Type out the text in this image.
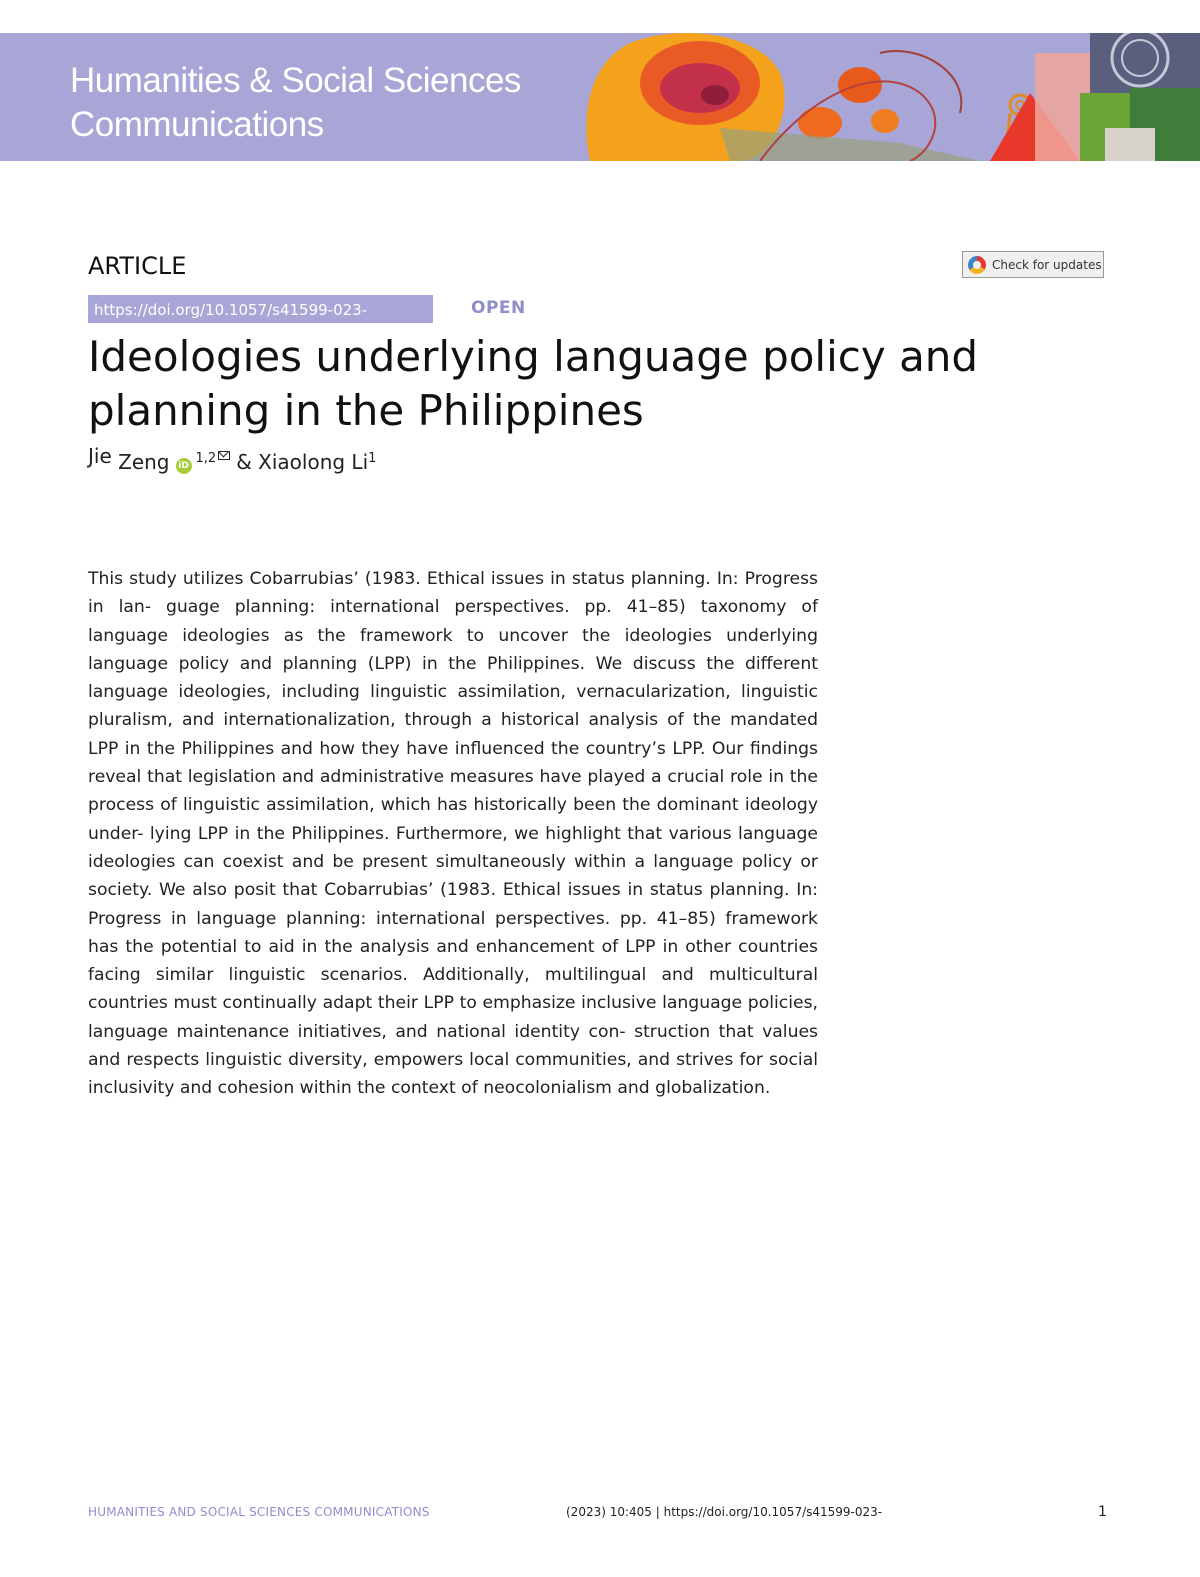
Humanities & Social Sciences
Communications
ARTICLE	Check for updates
https://doi.org/10.1057/s41599-023-	OPEN
Ideologies underlying language policy and
planning in the Philippines
Jie Zeng iD $^{1,2}$ & Xiaolong Li$^1$

This study utilizes Cobarrubias’ (1983. Ethical issues in status planning. In: Progress in lan- guage planning: international perspectives. pp. 41–85) taxonomy of language ideologies as the framework to uncover the ideologies underlying language policy and planning (LPP) in the Philippines. We discuss the different language ideologies, including linguistic assimilation, vernacularization, linguistic pluralism, and internationalization, through a historical analysis of the mandated LPP in the Philippines and how they have influenced the country’s LPP. Our findings reveal that legislation and administrative measures have played a crucial role in the process of linguistic assimilation, which has historically been the dominant ideology under- lying LPP in the Philippines. Furthermore, we highlight that various language ideologies can coexist and be present simultaneously within a language policy or society. We also posit that Cobarrubias’ (1983. Ethical issues in status planning. In: Progress in language planning: international perspectives. pp. 41–85) framework has the potential to aid in the analysis and enhancement of LPP in other countries facing similar linguistic scenarios. Additionally, multilingual and multicultural countries must continually adapt their LPP to emphasize inclusive language policies, language maintenance initiatives, and national identity con- struction that values and respects linguistic diversity, empowers local communities, and strives for social inclusivity and cohesion within the context of neocolonialism and globalization.

HUMANITIES AND SOCIAL SCIENCES COMMUNICATIONS	(2023) 10:405 | https://doi.org/10.1057/s41599-023-	1
